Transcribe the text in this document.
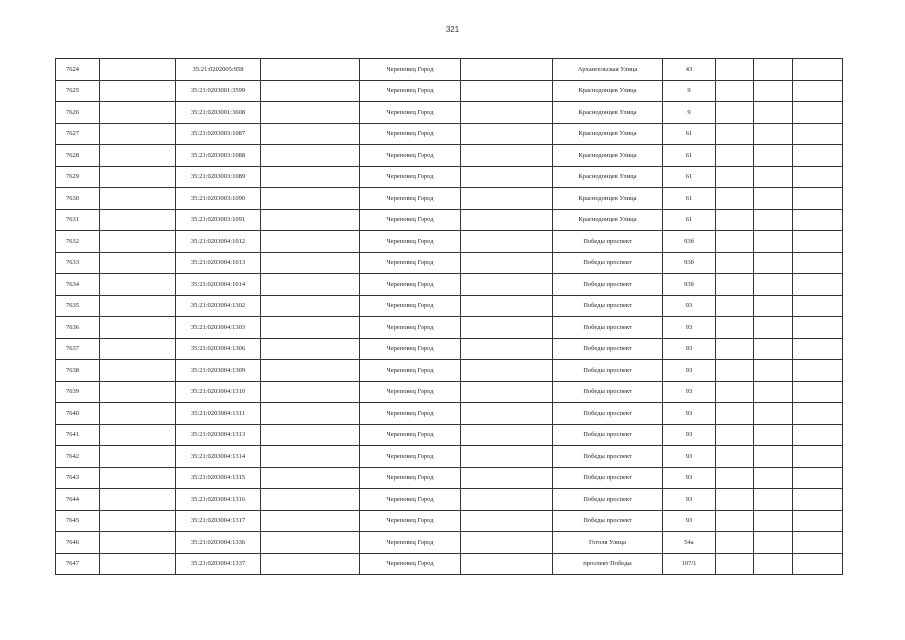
321
7624		35:21:0202005:958		Череповец Город		Архангельская Улица	43			
7625		35:21:0203001:3599		Череповец Город		Краснодонцев Улица	9			
7626		35:21:0203001:3608		Череповец Город		Краснодонцев Улица	9			
7627		35:21:0203003:1087		Череповец Город		Краснодонцев Улица	61			
7628		35:21:0203003:1088		Череповец Город		Краснодонцев Улица	61			
7629		35:21:0203003:1089		Череповец Город		Краснодонцев Улица	61			
7630		35:21:0203003:1090		Череповец Город		Краснодонцев Улица	61			
7631		35:21:0203003:1091		Череповец Город		Краснодонцев Улица	61			
7632		35:21:0203004:1012		Череповец Город		Победы проспект	93б			
7633		35:21:0203004:1013		Череповец Город		Победы проспект	93б			
7634		35:21:0203004:1014		Череповец Город		Победы проспект	93б			
7635		35:21:0203004:1302		Череповец Город		Победы проспект	93			
7636		35:21:0203004:1303		Череповец Город		Победы проспект	93			
7637		35:21:0203004:1306		Череповец Город		Победы проспект	93			
7638		35:21:0203004:1309		Череповец Город		Победы проспект	93			
7639		35:21:0203004:1310		Череповец Город		Победы проспект	93			
7640		35:21:0203004:1311		Череповец Город		Победы проспект	93			
7641		35:21:0203004:1313		Череповец Город		Победы проспект	93			
7642		35:21:0203004:1314		Череповец Город		Победы проспект	93			
7643		35:21:0203004:1315		Череповец Город		Победы проспект	93			
7644		35:21:0203004:1316		Череповец Город		Победы проспект	93			
7645		35:21:0203004:1317		Череповец Город		Победы проспект	93			
7646		35:21:0203004:1336		Череповец Город		Гоголя Улица	54а			
7647		35:21:0203004:1337		Череповец Город		проспект Победы	107/1			
